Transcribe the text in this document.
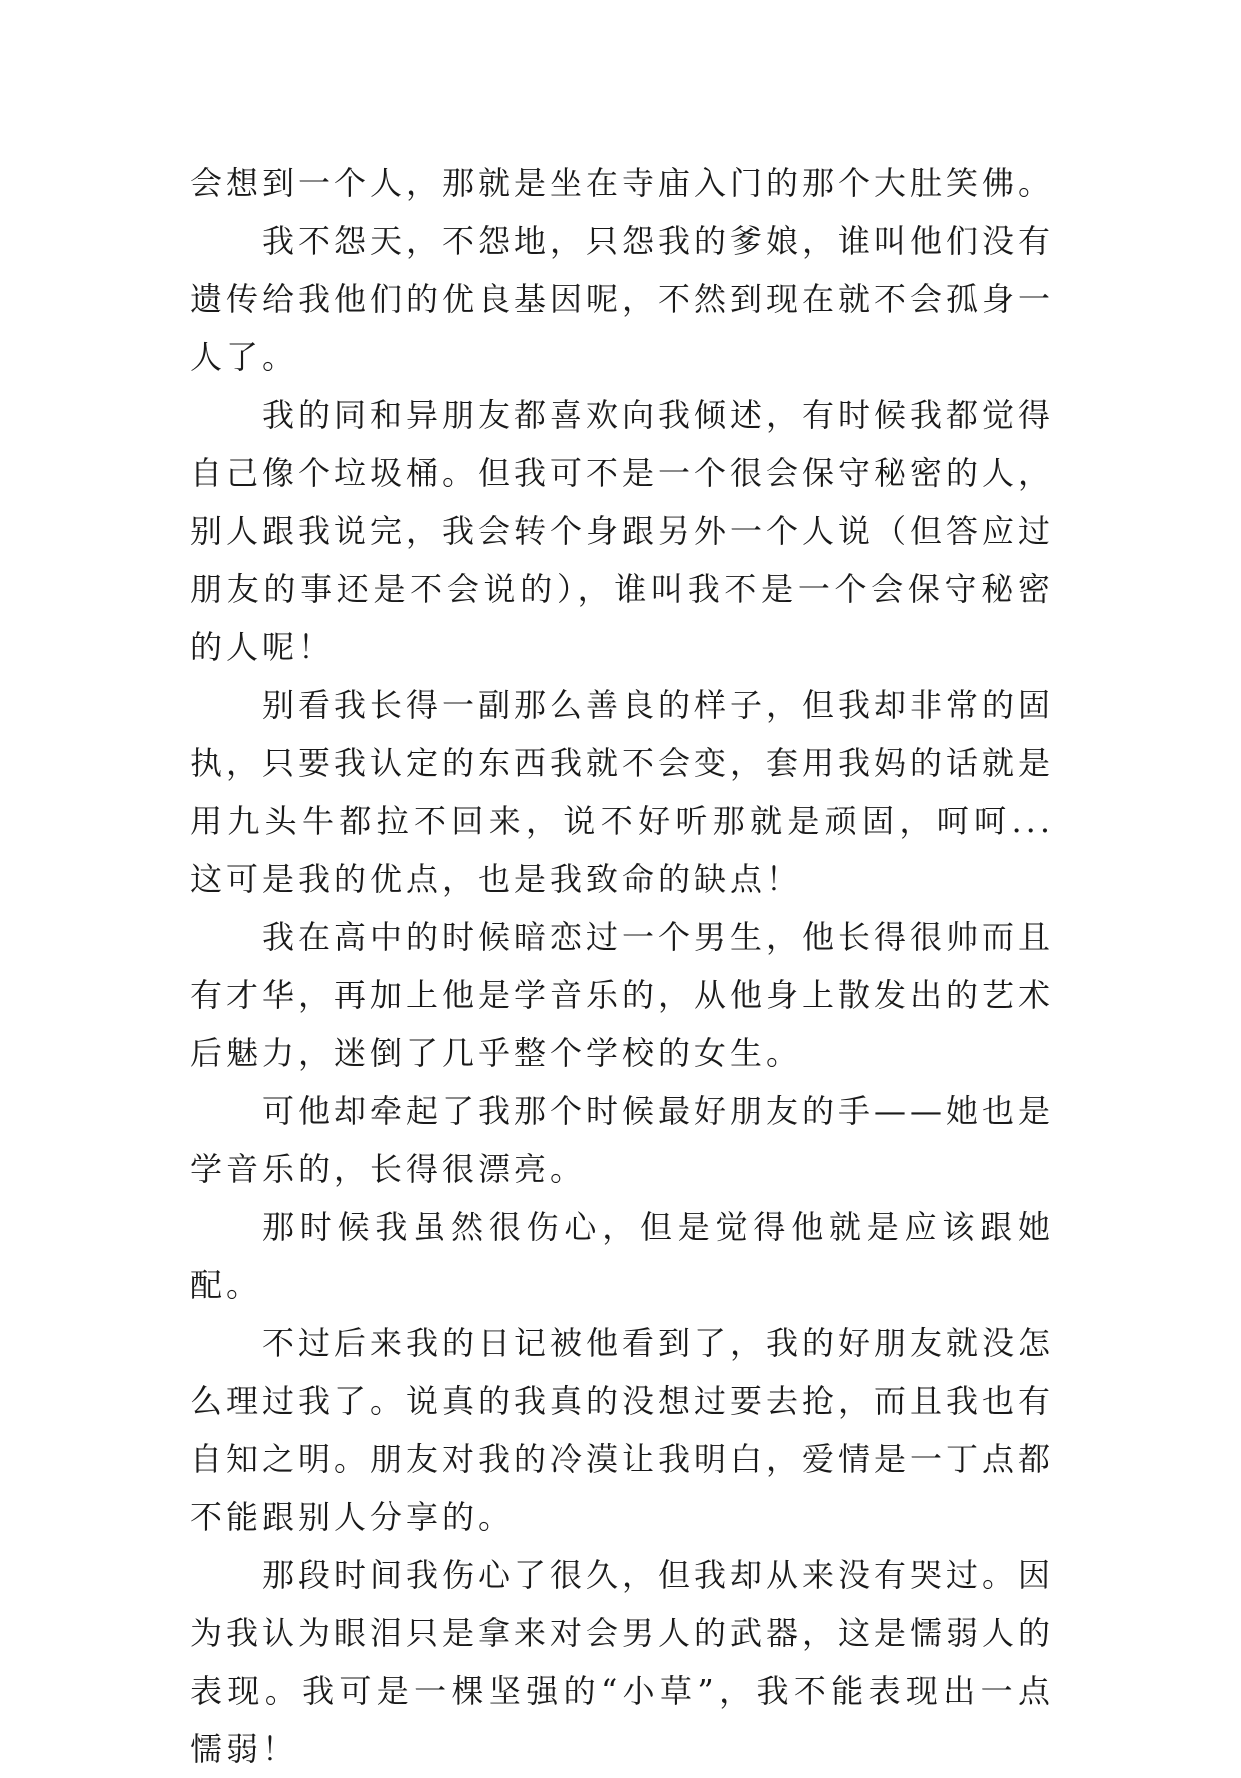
会想到一个人，那就是坐在寺庙入门的那个大肚笑佛。

我不怨天，不怨地，只怨我的爹娘，谁叫他们没有遗传给我他们的优良基因呢，不然到现在就不会孤身一人了。

我的同和异朋友都喜欢向我倾述，有时候我都觉得自己像个垃圾桶。但我可不是一个很会保守秘密的人，别人跟我说完，我会转个身跟另外一个人说（但答应过朋友的事还是不会说的），谁叫我不是一个会保守秘密的人呢！

别看我长得一副那么善良的样子，但我却非常的固执，只要我认定的东西我就不会变，套用我妈的话就是用九头牛都拉不回来，说不好听那就是顽固，呵呵...这可是我的优点，也是我致命的缺点！

我在高中的时候暗恋过一个男生，他长得很帅而且有才华，再加上他是学音乐的，从他身上散发出的艺术后魅力，迷倒了几乎整个学校的女生。

可他却牵起了我那个时候最好朋友的手——她也是学音乐的，长得很漂亮。

那时候我虽然很伤心，但是觉得他就是应该跟她配。

不过后来我的日记被他看到了，我的好朋友就没怎么理过我了。说真的我真的没想过要去抢，而且我也有自知之明。朋友对我的冷漠让我明白，爱情是一丁点都不能跟别人分享的。

那段时间我伤心了很久，但我却从来没有哭过。因为我认为眼泪只是拿来对会男人的武器，这是懦弱人的表现。我可是一棵坚强的“小草”，我不能表现出一点懦弱！
